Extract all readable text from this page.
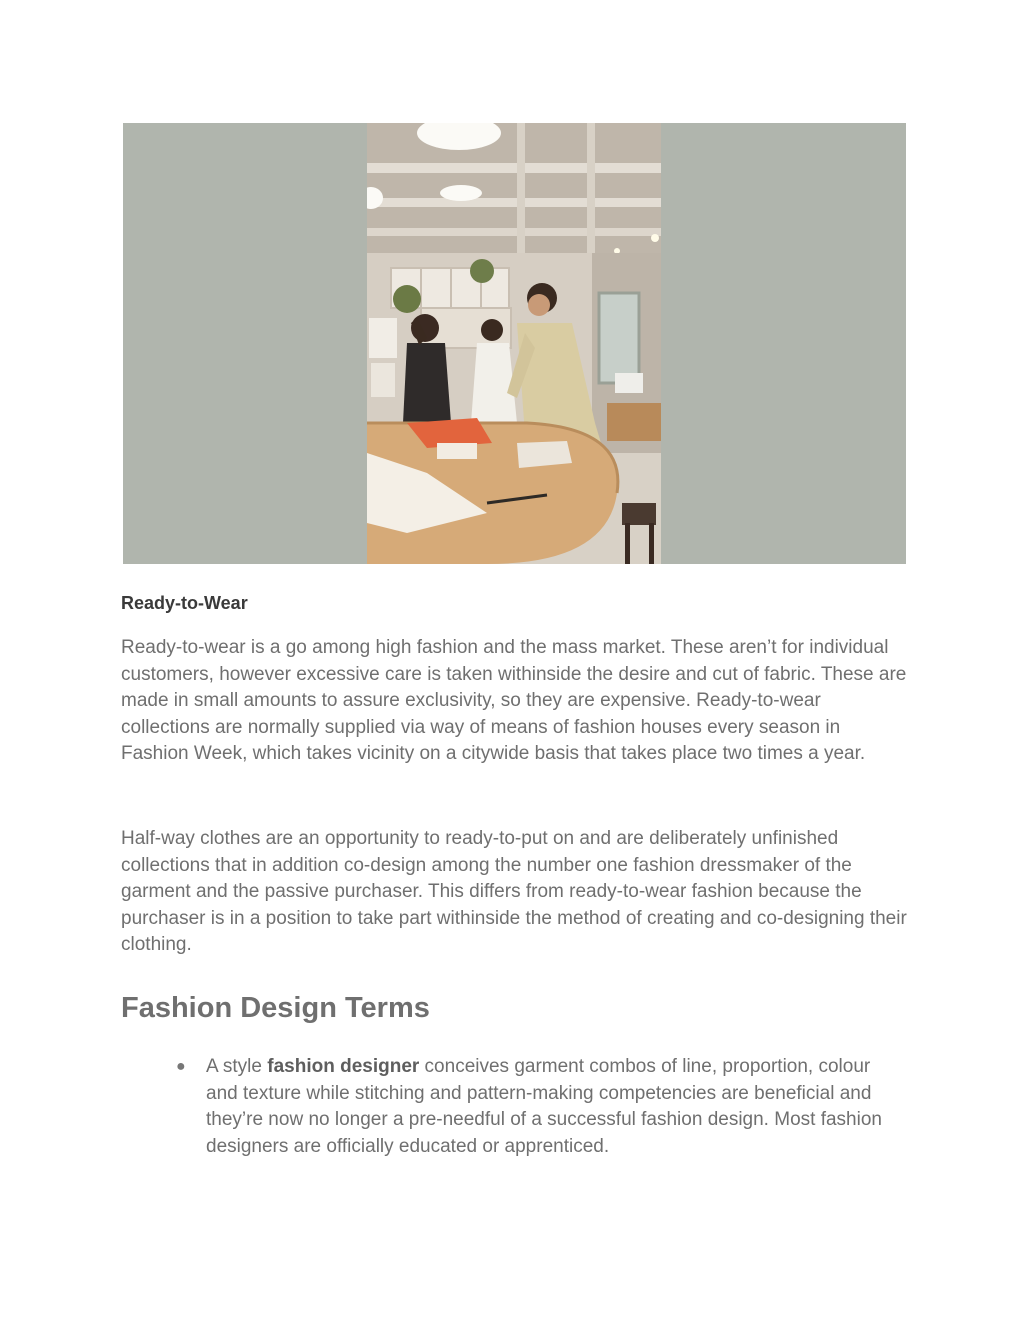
Ready-to-Wear

Ready-to-wear is a go among high fashion and the mass market. These aren’t for individual customers, however excessive care is taken withinside the desire and cut of fabric. These are made in small amounts to assure exclusivity, so they are expensive. Ready-to-wear collections are normally supplied via way of means of fashion houses every season in Fashion Week, which takes vicinity on a citywide basis that takes place two times a year.

Half-way clothes are an opportunity to ready-to-put on and are deliberately unfinished collections that in addition co-design among the number one fashion dressmaker of the garment and the passive purchaser. This differs from ready-to-wear fashion because the purchaser is in a position to take part withinside the method of creating and co-designing their clothing.

Fashion Design Terms
● A style fashion designer conceives garment combos of line, proportion, colour and texture while stitching and pattern-making competencies are beneficial and they’re now no longer a pre-needful of a successful fashion design. Most fashion designers are officially educated or apprenticed.
